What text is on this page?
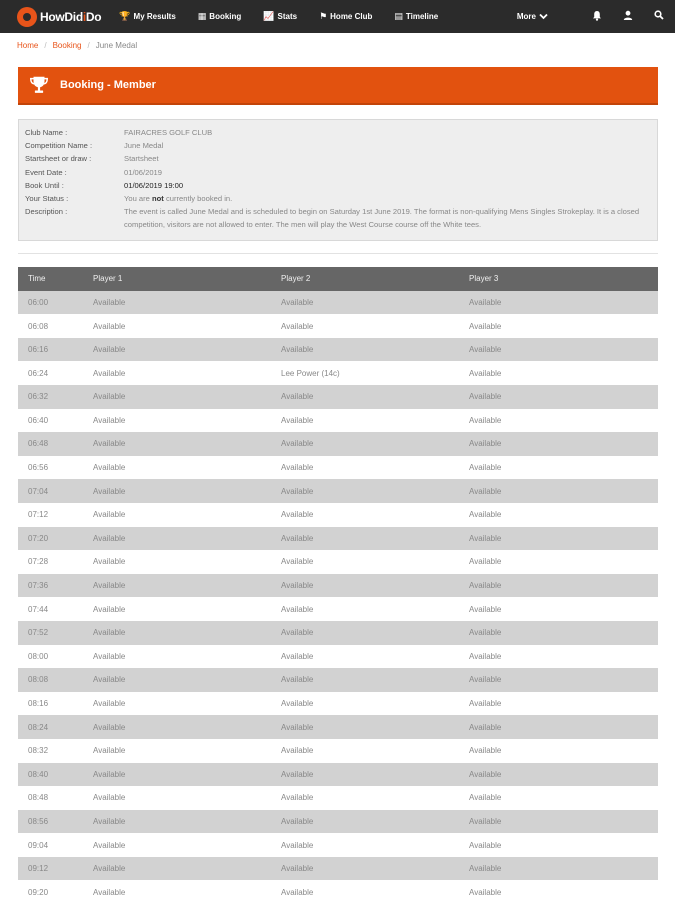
HowDidiDo 🏆 My Results ▦ Booking 📈 Stats ⚑ Home Club ▤ Timeline	More
Home / Booking / June Medal
Booking - Member
Club Name :	FAIRACRES GOLF CLUB
Competition Name :	June Medal
Startsheet or draw :	Startsheet
Event Date :	01/06/2019
Book Until :	01/06/2019 19:00
Your Status :	You are not currently booked in.
Description :	The event is called June Medal and is scheduled to begin on Saturday 1st June 2019. The format is non-qualifying Mens Singles Strokeplay. It is a closed competition, visitors are not allowed to enter. The men will play the West Course course off the White tees.
Time	Player 1	Player 2	Player 3
06:00	Available	Available	Available
06:08	Available	Available	Available
06:16	Available	Available	Available
06:24	Available	Lee Power (14c)	Available
06:32	Available	Available	Available
06:40	Available	Available	Available
06:48	Available	Available	Available
06:56	Available	Available	Available
07:04	Available	Available	Available
07:12	Available	Available	Available
07:20	Available	Available	Available
07:28	Available	Available	Available
07:36	Available	Available	Available
07:44	Available	Available	Available
07:52	Available	Available	Available
08:00	Available	Available	Available
08:08	Available	Available	Available
08:16	Available	Available	Available
08:24	Available	Available	Available
08:32	Available	Available	Available
08:40	Available	Available	Available
08:48	Available	Available	Available
08:56	Available	Available	Available
09:04	Available	Available	Available
09:12	Available	Available	Available
09:20	Available	Available	Available
